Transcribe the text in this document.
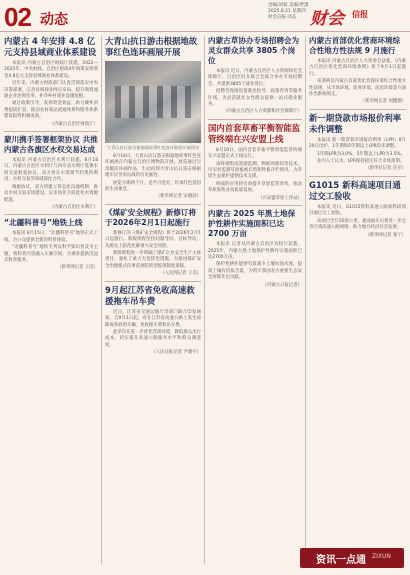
02 动态
责编/刘斌 美编/贾潇
2025.8.21 星期四
财会信报·动态 财会 信报
内蒙古 4 年安排 4.8 亿元支持县域商业体系建设

本报讯 内蒙古自治区财政厅获悉，2022—2025年，中央财政、自治区财政4年统筹安排资金4.8亿元支持县域商业体系建设。

近年来，内蒙古财政部门认真贯彻落实中央决策部署，完善县域商业网点布局，提升商贸流通企业连锁化率，补齐乡村商业设施短板。

通过政策引导，发挥资金效益，助力城乡消费提质扩容，推动农村商品流通体系和服务体系建设取得积极成效。

（内蒙古自治区财政厅）
蒙川携手签署框架协议 共推内蒙古各旗区水权交易达成

本报讯 内蒙古自治区水利厅获悉，8月18日，内蒙古自治区水利厅与四川省水利厅签署水权交易框架协议，双方将在水资源节约集约利用、水权交易等领域深化合作。

根据协议，双方将建立常态化沟通机制，推动水权交易市场建设，以市场化手段优化水资源配置。

（内蒙古自治区水利厅）
“北疆科普号”地铁上线

本报讯 8月15日，“北疆科普号”地铁正式上线，为公众提供全新的科普体验。

“北疆科普号”地铁专列以科学知识普及为主题，将科普内容融入车厢空间，为乘客提供沉浸式科普服务。

（新华网记者 王洁）
大青山抗日游击根据地故事红色连环画展开展
大青山抗日游击根据地故事红色连环画展开展现场

8月18日，大青山抗日游击根据地故事红色连环画展在内蒙古自治区博物院开展。展览通过百余幅连环画作品，生动再现大青山抗日游击根据地军民英勇抗战的历史画卷。

展览为期两个月，是学习党史、传承红色基因的生动课堂。

（新华网记者 宋晓萍）
《煤矿安全规程》新修订将于2026年2月1日起施行

新修订的《煤矿安全规程》将于2026年2月1日起施行。新版规程坚持问题导向、目标导向，从源头上防范化解重大安全风险。

新版规程进一步明确了煤矿企业安全生产主体责任，强化了重大灾害防治措施，为推进煤矿安全治理模式向事前预防转型提供制度保障。

（人民网记者 王美）
9月起江苏省免收高速救援拖车吊车费

近日，江苏省交通运输厅等部门联合印发通知，自9月1日起，对在江苏省高速公路上发生故障或事故的车辆，免收拖车费和吊车费。

此举旨在进一步优化营商环境，降低群众出行成本，切实提升高速公路服务水平和群众满意度。

（人民日报记者 尹晓宇）
内蒙古草协办专场招聘会为灵女群众共享 3805 个岗位

本报讯 近日，内蒙古自治区人力资源和社会保障厅、自治区妇女联合会联合举办专场招聘会，共提供3805个就业岗位。

招聘会现场设置就业指导、政策咨询等服务区域，为灵活就业女性群众提供一站式就业服务。

（内蒙古自治区人力资源和社会保障厅）
国内首套草畜平衡智能监管终端在兴安盟上线

8月19日，国内首套草畜平衡智能监管终端在兴安盟正式上线运行。

该终端集成遥感监测、物联网感知等技术，可实时监测草原植被长势和牲畜存栏情况，为草原生态保护提供技术支撑。

终端的应用将有效提升草原监管效率，推动草原畜牧业高质量发展。

（兴安盟草原工作站）
内蒙古 2025 年黑土地保护性耕作实施面积已达 2700 万亩

本报讯 记者从内蒙古自治区农牧厅获悉，2025年，内蒙古黑土地保护性耕作实施面积已达2700万亩。

保护性耕作能够有效减少土壤风蚀水蚀，提高土壤有机质含量，为筑牢我国北方重要生态安全屏障作出贡献。

（内蒙古日报记者）
内蒙古首部优化营商环境综合性地方性法规 9 月施行

本报讯 内蒙古自治区人大常委会获悉，《内蒙古自治区优化营商环境条例》将于9月1日起施行。

该条例是内蒙古首部优化营商环境综合性地方性法规，从市场环境、政务环境、法治环境等方面作出系统规定。

（新华网记者 刘懿德）
新一期贷款市场报价利率未作调整

本报讯 新一期贷款市场报价利率（LPR）8月20日出炉，1年期和5年期以上LPR均未调整。

1年期LPR为3.0%，5年期以上LPR为3.5%。

业内人士认为，LPR保持稳定符合市场预期。

（新华社记者 任军）
G1015 新科高速项目通过交工验收

本报讯 近日，G1015铁科高速公路新科段项目通过交工验收。

该项目全长50余公里，建成通车后将进一步完善区域高速公路网络，助力地方经济社会发展。

（新华网记者 张宁）
资讯一点通 ZIXUN
